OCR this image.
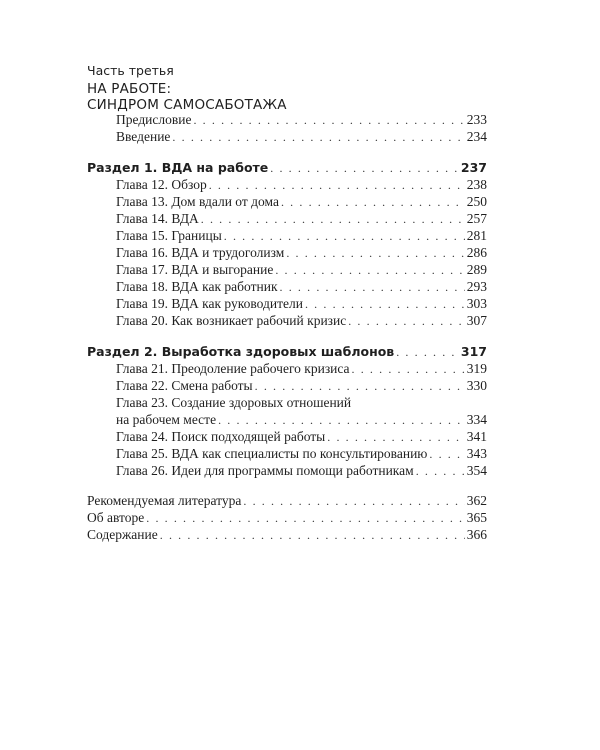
Часть третья
НА РАБОТЕ:
СИНДРОМ САМОСАБОТАЖА
Предисловие . . .	233
Введение . . .	234
Раздел 1. ВДА на работе . . .	237
Глава 12. Обзор . . .	238
Глава 13. Дом вдали от дома . . .	250
Глава 14. ВДА . . .	257
Глава 15. Границы . . .	281
Глава 16. ВДА и трудоголизм . . .	286
Глава 17. ВДА и выгорание . . .	289
Глава 18. ВДА как работник . . .	293
Глава 19. ВДА как руководители . . .	303
Глава 20. Как возникает рабочий кризис . . .	307
Раздел 2. Выработка здоровых шаблонов . . .	317
Глава 21. Преодоление рабочего кризиса . . .	319
Глава 22. Смена работы . . .	330
Глава 23. Создание здоровых отношений
на рабочем месте . . .	334
Глава 24. Поиск подходящей работы . . .	341
Глава 25. ВДА как специалисты по консультированию . . .	343
Глава 26. Идеи для программы помощи работникам . . .	354
Рекомендуемая литература . . .	362
Об авторе . . .	365
Содержание . . .	366
